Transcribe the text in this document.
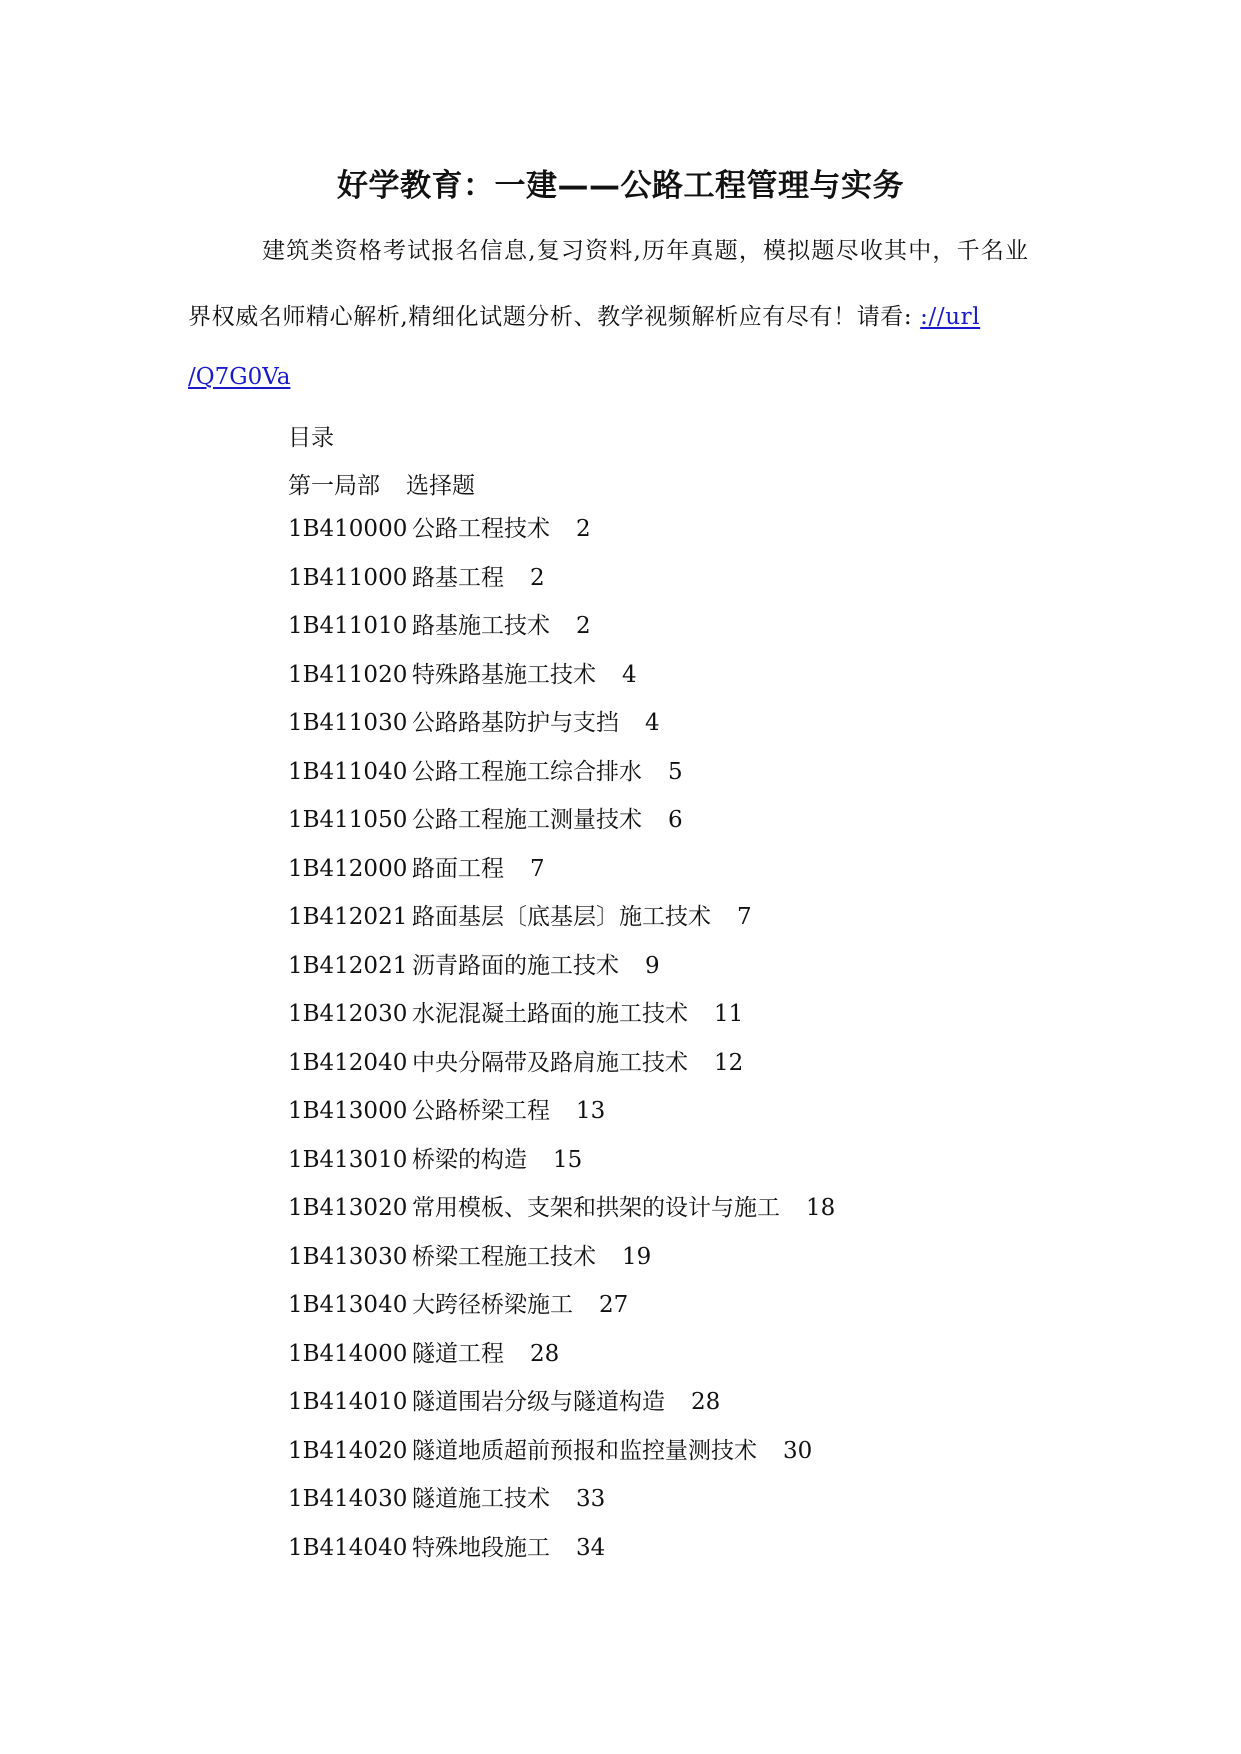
好学教育：一建——公路工程管理与实务

建筑类资格考试报名信息,复习资料,历年真题，模拟题尽收其中，千名业

界权威名师精心解析,精细化试题分析、教学视频解析应有尽有！请看: ://url

/Q7G0Va

目录

第一局部 选择题

1B410000 公路工程技术 2
1B411000 路基工程 2
1B411010 路基施工技术 2
1B411020 特殊路基施工技术 4
1B411030 公路路基防护与支挡 4
1B411040 公路工程施工综合排水 5
1B411050 公路工程施工测量技术 6
1B412000 路面工程 7
1B412021 路面基层〔底基层〕施工技术 7
1B412021 沥青路面的施工技术 9
1B412030 水泥混凝土路面的施工技术 11
1B412040 中央分隔带及路肩施工技术 12
1B413000 公路桥梁工程 13
1B413010 桥梁的构造 15
1B413020 常用模板、支架和拱架的设计与施工 18
1B413030 桥梁工程施工技术 19
1B413040 大跨径桥梁施工 27
1B414000 隧道工程 28
1B414010 隧道围岩分级与隧道构造 28
1B414020 隧道地质超前预报和监控量测技术 30
1B414030 隧道施工技术 33
1B414040 特殊地段施工 34
